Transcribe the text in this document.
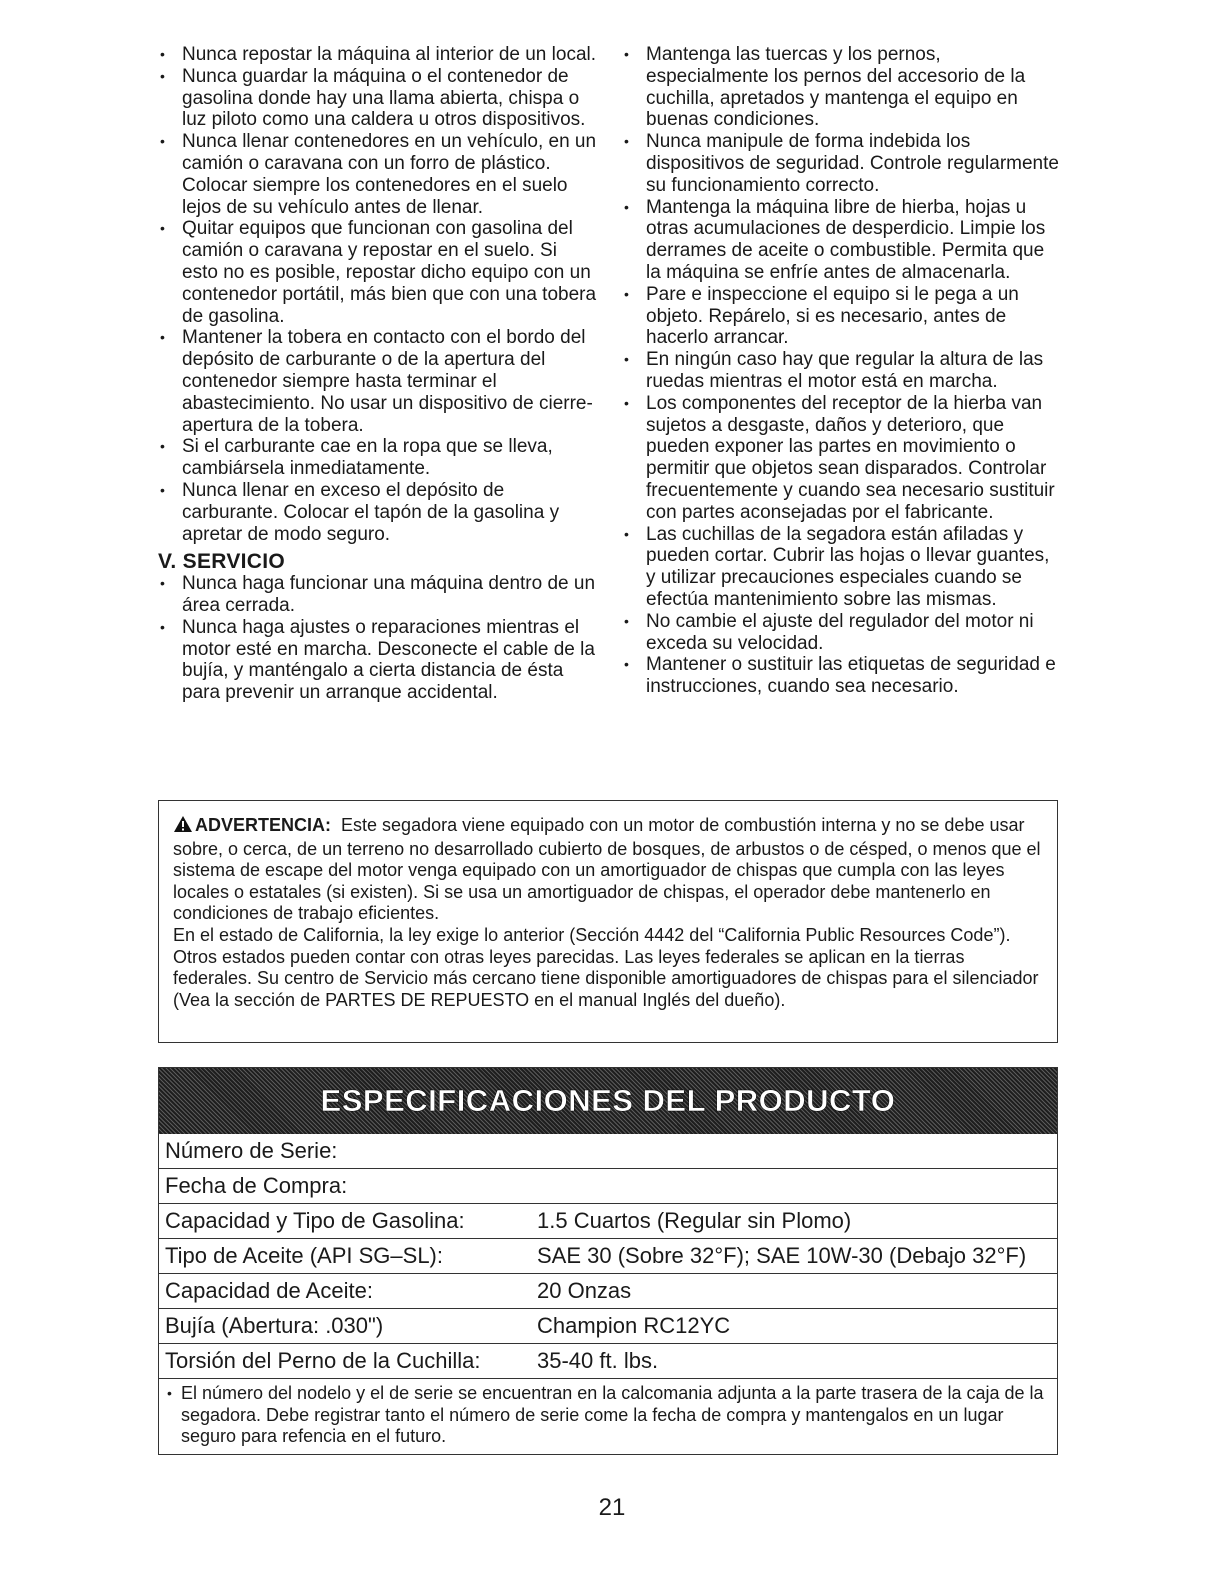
• Nunca repostar la máquina al interior de un local.
• Nunca guardar la máquina o el contenedor de gasolina donde hay una llama abierta, chispa o luz piloto como una caldera u otros dispositivos.
• Nunca llenar contenedores en un vehículo, en un camión o caravana con un forro de plástico. Colocar siempre los contenedores en el suelo lejos de su vehículo antes de llenar.
• Quitar equipos que funcionan con gasolina del camión o caravana y repostar en el suelo. Si esto no es posible, repostar dicho equipo con un contenedor portátil, más bien que con una tobera de gasolina.
• Mantener la tobera en contacto con el bordo del depósito de carburante o de la apertura del contenedor siempre hasta terminar el abastecimiento. No usar un dispositivo de cierre-apertura de la tobera.
• Si el carburante cae en la ropa que se lleva, cambiársela inmediatamente.
• Nunca llenar en exceso el depósito de carburante. Colocar el tapón de la gasolina y apretar de modo seguro.
V. SERVICIO
• Nunca haga funcionar una máquina dentro de un área cerrada.
• Nunca haga ajustes o reparaciones mientras el motor esté en marcha. Desconecte el cable de la bujía, y manténgalo a cierta distancia de ésta para prevenir un arranque accidental.
• Mantenga las tuercas y los pernos, especialmente los pernos del accesorio de la cuchilla, apretados y mantenga el equipo en buenas condiciones.
• Nunca manipule de forma indebida los dispositivos de seguridad. Controle regularmente su funcionamiento correcto.
• Mantenga la máquina libre de hierba, hojas u otras acumulaciones de desperdicio. Limpie los derrames de aceite o combustible. Permita que la máquina se enfríe antes de almacenarla.
• Pare e inspeccione el equipo si le pega a un objeto. Repárelo, si es necesario, antes de hacerlo arrancar.
• En ningún caso hay que regular la altura de las ruedas mientras el motor está en marcha.
• Los componentes del receptor de la hierba van sujetos a desgaste, daños y deterioro, que pueden exponer las partes en movimiento o permitir que objetos sean disparados. Controlar frecuentemente y cuando sea necesario sustituir con partes aconsejadas por el fabricante.
• Las cuchillas de la segadora están afiladas y pueden cortar. Cubrir las hojas o llevar guantes, y utilizar precauciones especiales cuando se efectúa mantenimiento sobre las mismas.
• No cambie el ajuste del regulador del motor ni exceda su velocidad.
• Mantener o sustituir las etiquetas de seguridad e instrucciones, cuando sea necesario.

ADVERTENCIA: Este segadora viene equipado con un motor de combustión interna y no se debe usar sobre, o cerca, de un terreno no desarrollado cubierto de bosques, de arbustos o de césped, o menos que el sistema de escape del motor venga equipado con un amortiguador de chispas que cumpla con las leyes locales o estatales (si existen). Si se usa un amortiguador de chispas, el operador debe mantenerlo en condiciones de trabajo eficientes.

En el estado de California, la ley exige lo anterior (Sección 4442 del “California Public Resources Code”). Otros estados pueden contar con otras leyes parecidas. Las leyes federales se aplican en la tierras federales. Su centro de Servicio más cercano tiene disponible amortiguadores de chispas para el silenciador (Vea la sección de PARTES DE REPUESTO en el manual Inglés del dueño).

ESPECIFICACIONES DEL PRODUCTO
Número de Serie:
Fecha de Compra:
Capacidad y Tipo de Gasolina:	1.5 Cuartos (Regular sin Plomo)
Tipo de Aceite (API SG–SL):	SAE 30 (Sobre 32°F); SAE 10W-30 (Debajo 32°F)
Capacidad de Aceite:	20 Onzas
Bujía (Abertura: .030")	Champion RC12YC
Torsión del Perno de la Cuchilla:	35-40 ft. lbs.
• El número del nodelo y el de serie se encuentran en la calcomania adjunta a la parte trasera de la caja de la segadora. Debe registrar tanto el número de serie come la fecha de compra y mantengalos en un lugar seguro para refencia en el futuro.
21
